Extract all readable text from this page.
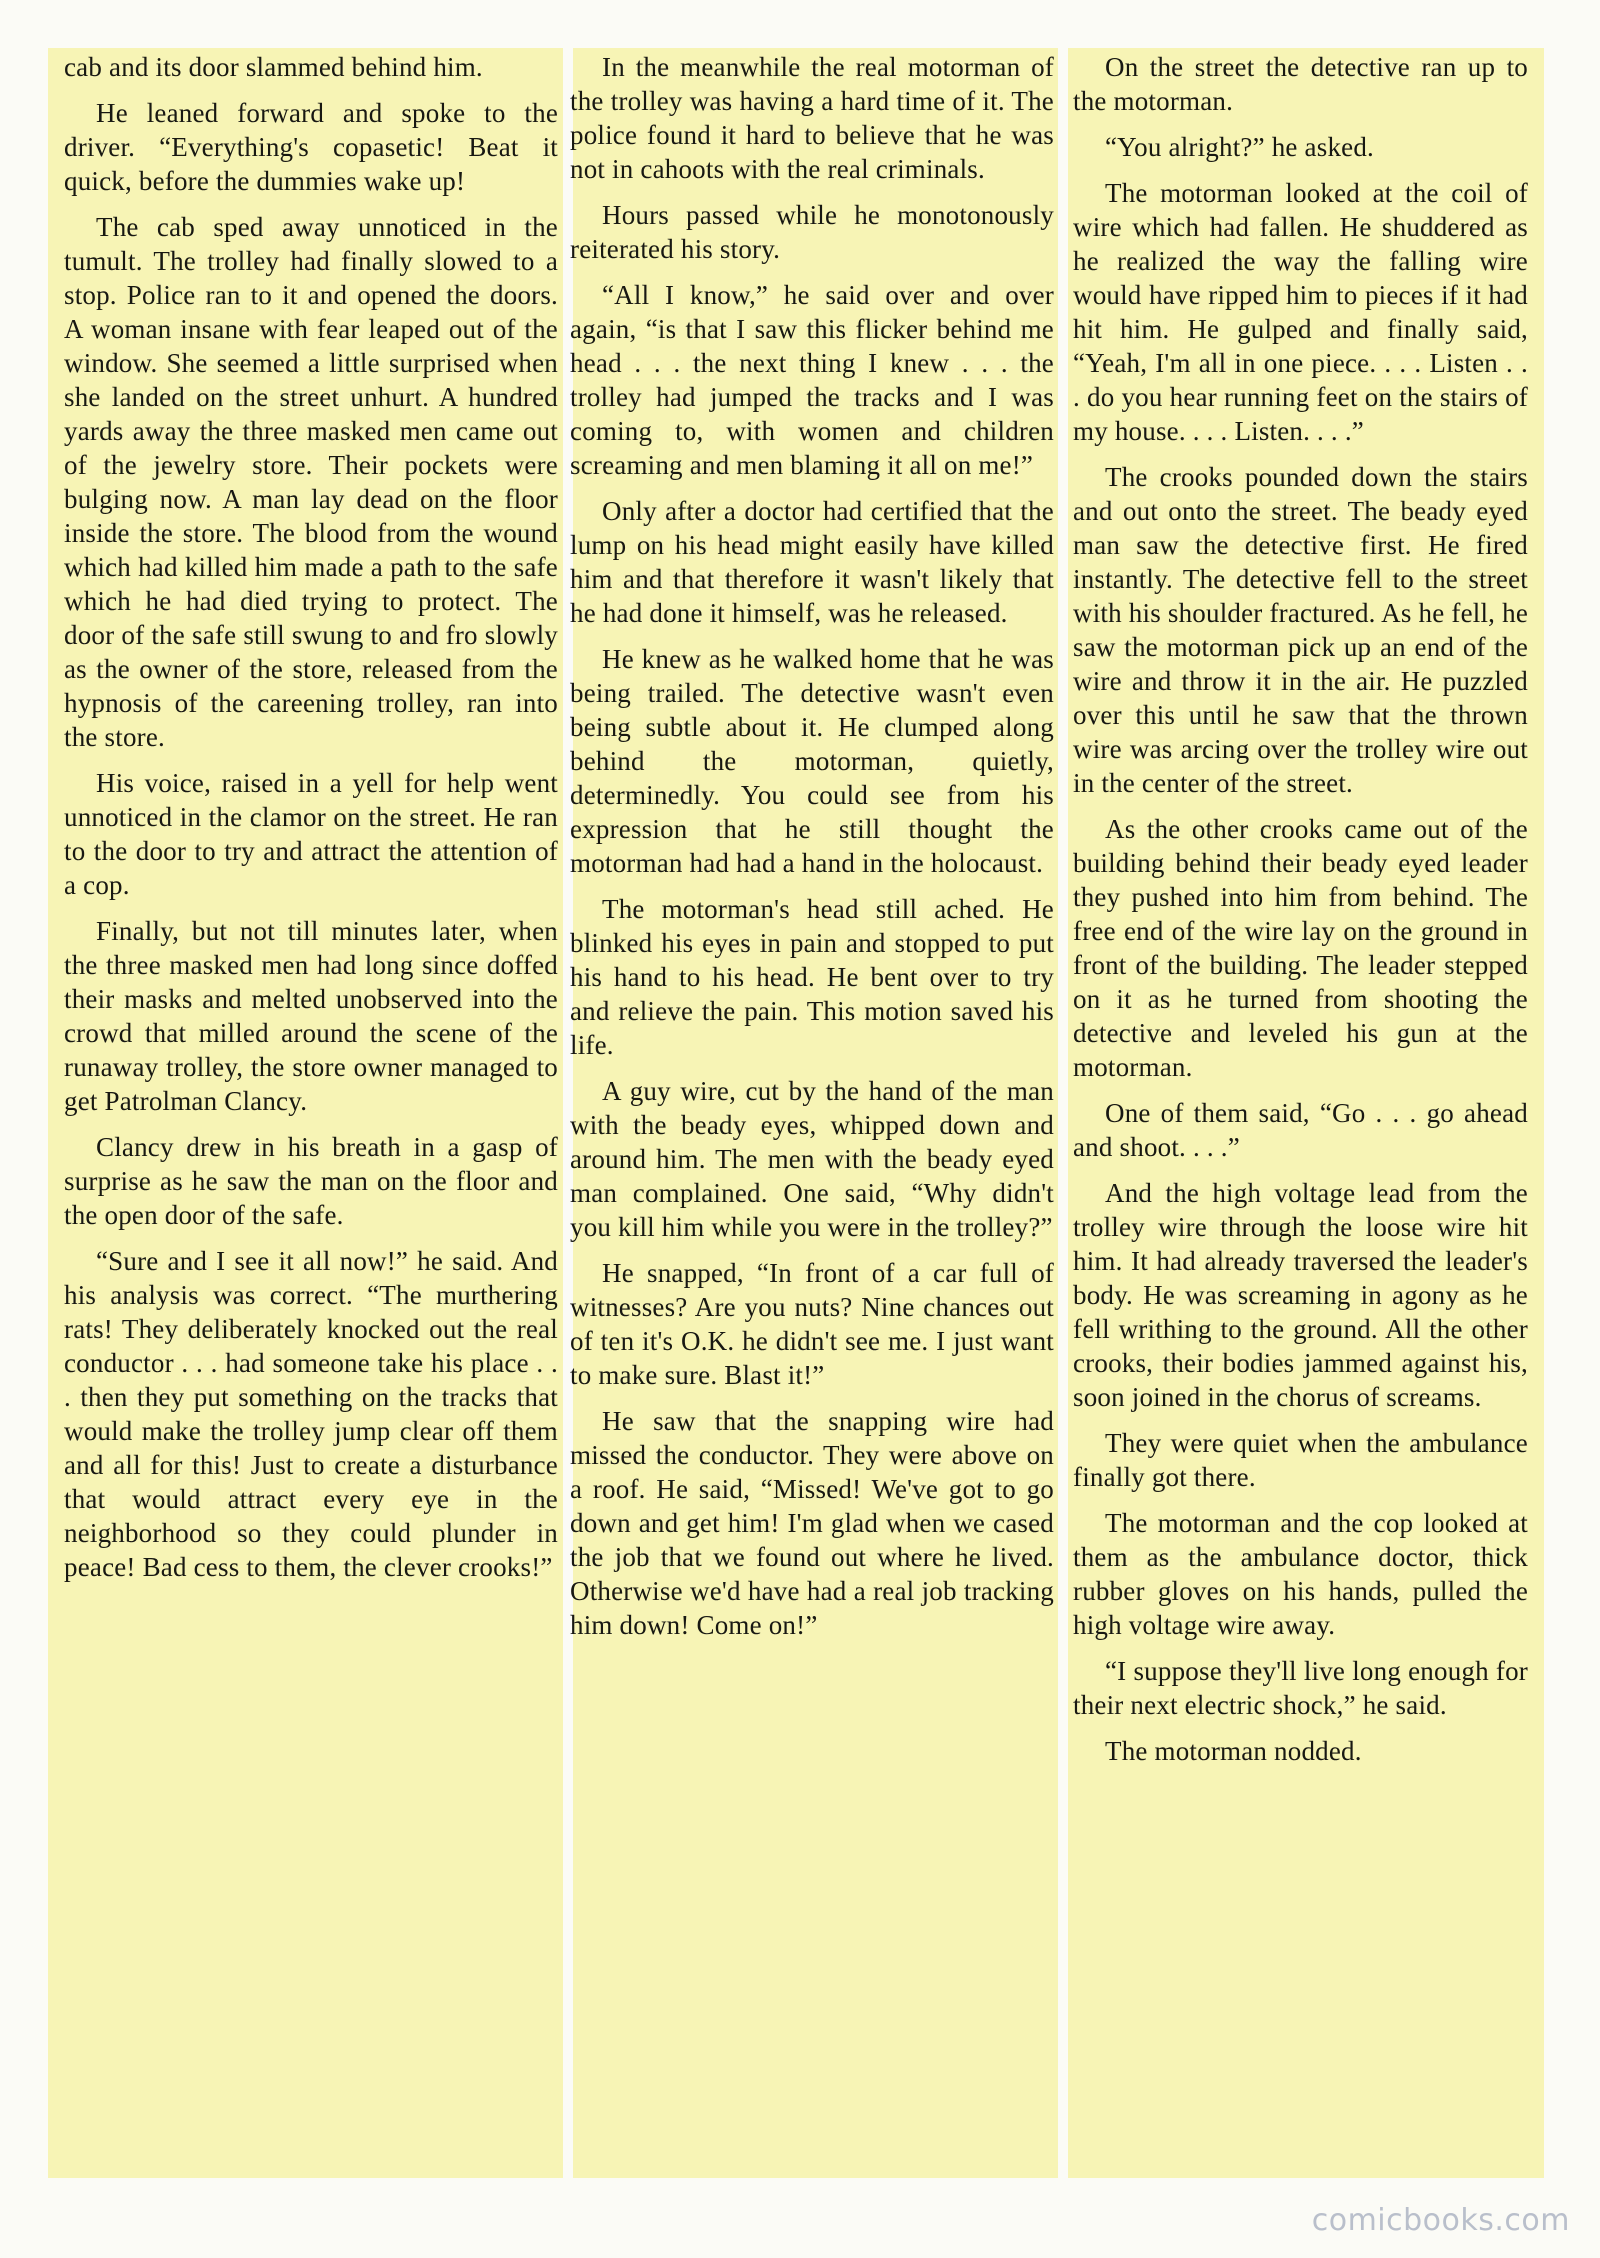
cab and its door slammed behind him.

He leaned forward and spoke to the driver. “Everything's copasetic! Beat it quick, before the dummies wake up!

The cab sped away unnoticed in the tumult. The trolley had finally slowed to a stop. Police ran to it and opened the doors. A woman insane with fear leaped out of the window. She seemed a little surprised when she landed on the street unhurt. A hundred yards away the three masked men came out of the jewelry store. Their pockets were bulging now. A man lay dead on the floor inside the store. The blood from the wound which had killed him made a path to the safe which he had died trying to protect. The door of the safe still swung to and fro slowly as the owner of the store, released from the hypnosis of the careening trolley, ran into the store.

His voice, raised in a yell for help went unnoticed in the clamor on the street. He ran to the door to try and attract the attention of a cop.

Finally, but not till minutes later, when the three masked men had long since doffed their masks and melted unobserved into the crowd that milled around the scene of the runaway trolley, the store owner managed to get Patrolman Clancy.

Clancy drew in his breath in a gasp of surprise as he saw the man on the floor and the open door of the safe.

“Sure and I see it all now!” he said. And his analysis was correct. “The murthering rats! They deliberately knocked out the real conductor . . . had someone take his place . . . then they put something on the tracks that would make the trolley jump clear off them and all for this! Just to create a disturbance that would attract every eye in the neighborhood so they could plunder in peace! Bad cess to them, the clever crooks!”

In the meanwhile the real motorman of the trolley was having a hard time of it. The police found it hard to believe that he was not in cahoots with the real criminals.

Hours passed while he monotonously reiterated his story.

“All I know,” he said over and over again, “is that I saw this flicker behind me head . . . the next thing I knew . . . the trolley had jumped the tracks and I was coming to, with women and children screaming and men blaming it all on me!”

Only after a doctor had certified that the lump on his head might easily have killed him and that therefore it wasn't likely that he had done it himself, was he released.

He knew as he walked home that he was being trailed. The detective wasn't even being subtle about it. He clumped along behind the motorman, quietly, determinedly. You could see from his expression that he still thought the motorman had had a hand in the holocaust.

The motorman's head still ached. He blinked his eyes in pain and stopped to put his hand to his head. He bent over to try and relieve the pain. This motion saved his life.

A guy wire, cut by the hand of the man with the beady eyes, whipped down and around him. The men with the beady eyed man complained. One said, “Why didn't you kill him while you were in the trolley?”

He snapped, “In front of a car full of witnesses? Are you nuts? Nine chances out of ten it's O.K. he didn't see me. I just want to make sure. Blast it!”

He saw that the snapping wire had missed the conductor. They were above on a roof. He said, “Missed! We've got to go down and get him! I'm glad when we cased the job that we found out where he lived. Otherwise we'd have had a real job tracking him down! Come on!”

On the street the detective ran up to the motorman.

“You alright?” he asked.

The motorman looked at the coil of wire which had fallen. He shuddered as he realized the way the falling wire would have ripped him to pieces if it had hit him. He gulped and finally said, “Yeah, I'm all in one piece. . . . Listen . . . do you hear running feet on the stairs of my house. . . . Listen. . . .”

The crooks pounded down the stairs and out onto the street. The beady eyed man saw the detective first. He fired instantly. The detective fell to the street with his shoulder fractured. As he fell, he saw the motorman pick up an end of the wire and throw it in the air. He puzzled over this until he saw that the thrown wire was arcing over the trolley wire out in the center of the street.

As the other crooks came out of the building behind their beady eyed leader they pushed into him from behind. The free end of the wire lay on the ground in front of the building. The leader stepped on it as he turned from shooting the detective and leveled his gun at the motorman.

One of them said, “Go . . . go ahead and shoot. . . .”

And the high voltage lead from the trolley wire through the loose wire hit him. It had already traversed the leader's body. He was screaming in agony as he fell writhing to the ground. All the other crooks, their bodies jammed against his, soon joined in the chorus of screams.

They were quiet when the ambulance finally got there.

The motorman and the cop looked at them as the ambulance doctor, thick rubber gloves on his hands, pulled the high voltage wire away.

“I suppose they'll live long enough for their next electric shock,” he said.

The motorman nodded.

comicbooks.com
